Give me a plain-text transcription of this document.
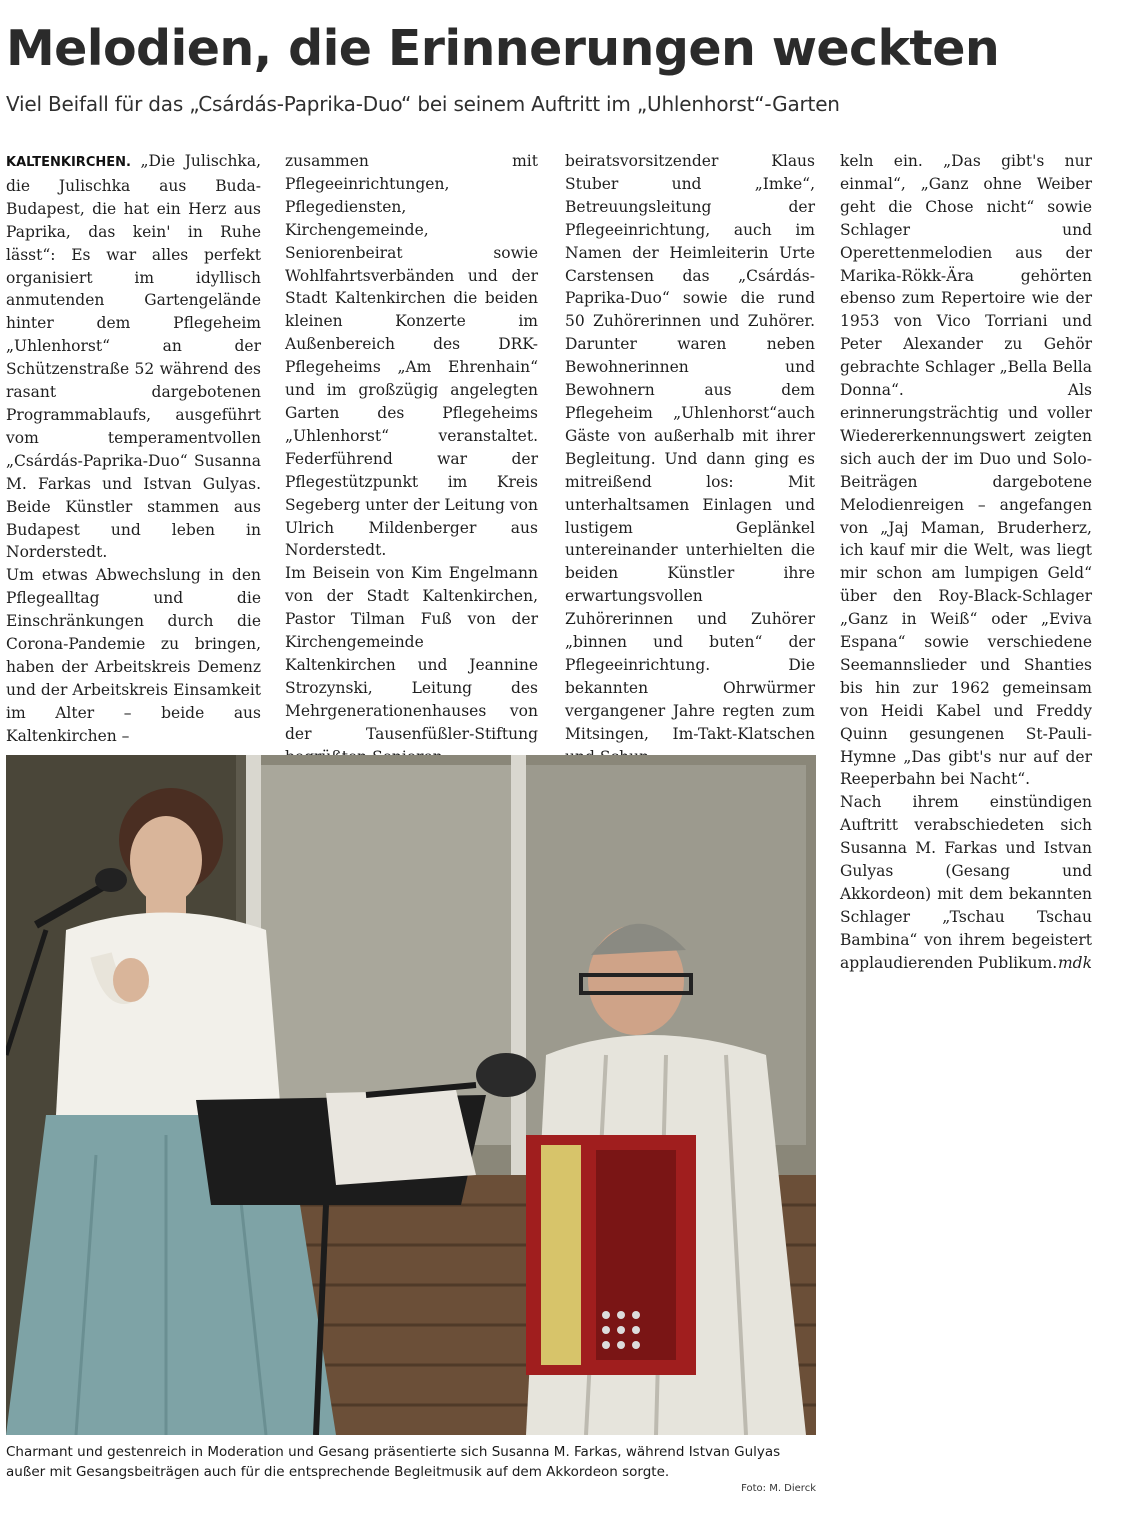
Melodien, die Erinnerungen weckten
Viel Beifall für das „Csárdás-Paprika-Duo“ bei seinem Auftritt im „Uhlenhorst“-Garten

KALTENKIRCHEN. „Die Julischka, die Julischka aus Buda-Budapest, die hat ein Herz aus Paprika, das kein' in Ruhe lässt“: Es war alles perfekt organisiert im idyllisch anmutenden Gartengelände hinter dem Pflegeheim „Uhlenhorst“ an der Schützenstraße 52 während des rasant dargebotenen Programmablaufs, ausgeführt vom temperamentvollen „Csárdás-Paprika-Duo“ Susanna M. Farkas und Istvan Gulyas. Beide Künstler stammen aus Budapest und leben in Norderstedt.

Um etwas Abwechslung in den Pflegealltag und die Einschränkungen durch die Corona-Pandemie zu bringen, haben der Arbeitskreis Demenz und der Arbeitskreis Einsamkeit im Alter – beide aus Kaltenkirchen –

zusammen mit Pflegeeinrichtungen, Pflegediensten, Kirchengemeinde, Seniorenbeirat sowie Wohlfahrtsverbänden und der Stadt Kaltenkirchen die beiden kleinen Konzerte im Außenbereich des DRK-Pflegeheims „Am Ehrenhain“ und im großzügig angelegten Garten des Pflegeheims „Uhlenhorst“ veranstaltet. Federführend war der Pflegestützpunkt im Kreis Segeberg unter der Leitung von Ulrich Mildenberger aus Norderstedt.

Im Beisein von Kim Engelmann von der Stadt Kaltenkirchen, Pastor Tilman Fuß von der Kirchengemeinde Kaltenkirchen und Jeannine Strozynski, Leitung des Mehrgenerationenhauses von der Tausenfüßler-Stiftung

beiratsvorsitzender Klaus Stuber und „Imke“, Betreuungsleitung der Pflegeeinrichtung, auch im Namen der Heimleiterin Urte Carstensen das „Csárdás-Paprika-Duo“ sowie die rund 50 Zuhörerinnen und Zuhörer. Darunter waren neben Bewohnerinnen und Bewohnern aus dem Pflegeheim „Uhlenhorst“auch Gäste von außerhalb mit ihrer Begleitung. Und dann ging es mitreißend los: Mit unterhaltsamen Einlagen und lustigem Geplänkel untereinander unterhielten die beiden Künstler ihre erwartungsvollen Zuhörerinnen und Zuhörer „binnen und buten“ der Pflegeeinrichtung. Die bekannten Ohrwürmer vergangener Jahre regten zum Mitsingen, Im-Takt-Klatschen

keln ein. „Das gibt's nur einmal“, „Ganz ohne Weiber geht die Chose nicht“ sowie Schlager und Operettenmelodien aus der Marika-Rökk-Ära gehörten ebenso zum Repertoire wie der 1953 von Vico Torriani und Peter Alexander zu Gehör gebrachte Schlager „Bella Bella Donna“. Als erinnerungsträchtig und voller Wiedererkennungswert zeigten sich auch der im Duo und Solo-Beiträgen dargebotene Melodienreigen – angefangen von „Jaj Maman, Bruderherz, ich kauf mir die Welt, was liegt mir schon am lumpigen Geld“ über den Roy-Black-Schlager „Ganz in Weiß“ oder „Eviva Espana“ sowie verschiedene Seemannslieder und Shanties bis hin zur 1962 gemeinsam von Heidi Kabel und Freddy Quinn gesungenen St-Pauli-Hymne „Das gibt's nur auf der Reeperbahn bei Nacht“.

Nach ihrem einstündigen Auftritt verabschiedeten sich Susanna M. Farkas und Istvan Gulyas (Gesang und Akkordeon) mit dem bekannten Schlager „Tschau Tschau Bambina“ von ihrem begeistert applaudierenden Publikum. mdk

Charmant und gestenreich in Moderation und Gesang präsentierte sich Susanna M. Farkas, während Istvan Gulyas außer mit Gesangsbeiträgen auch für die entsprechende Begleitmusik auf dem Akkordeon sorgte.
Foto: M. Dierck
